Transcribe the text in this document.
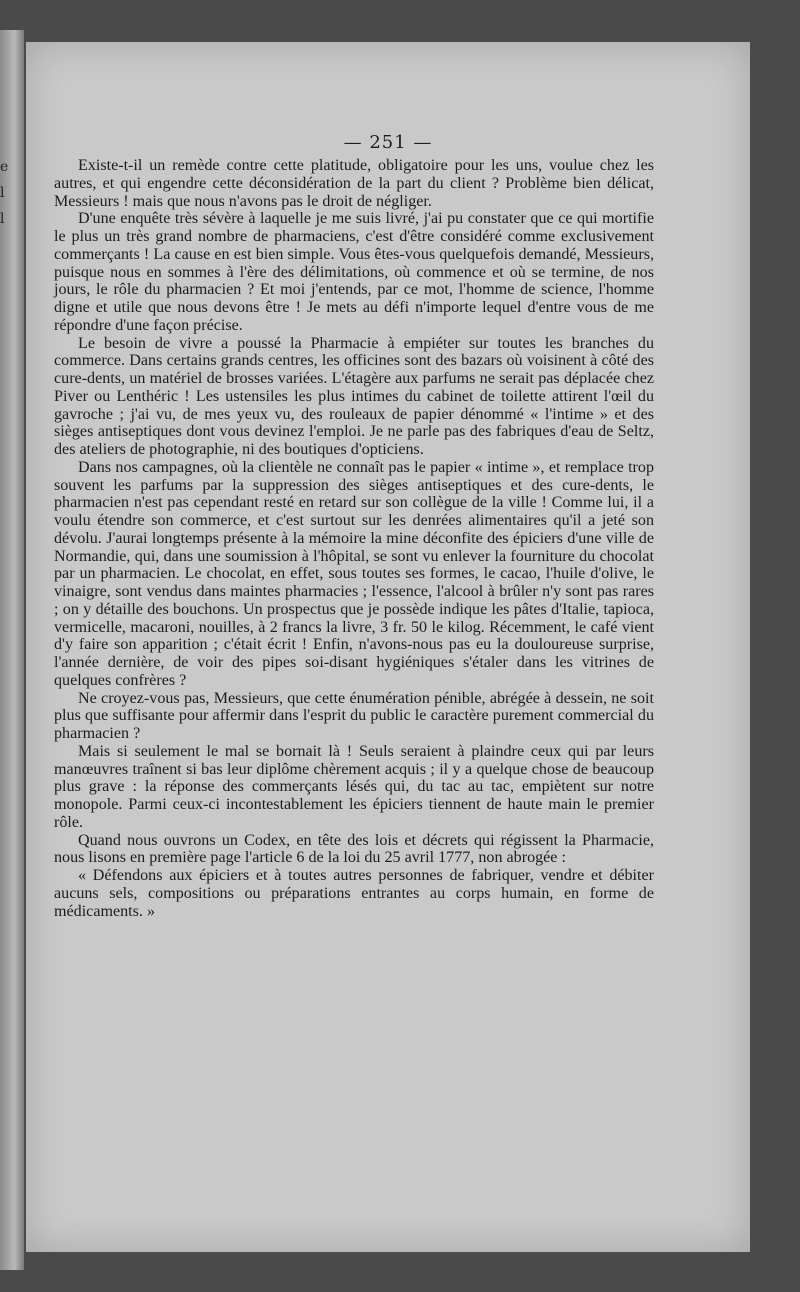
e
l
l
— 251 —

Existe-t-il un remède contre cette platitude, obligatoire pour les uns, voulue chez les autres, et qui engendre cette déconsidération de la part du client ? Problème bien délicat, Messieurs ! mais que nous n'avons pas le droit de négliger.

D'une enquête très sévère à laquelle je me suis livré, j'ai pu constater que ce qui mortifie le plus un très grand nombre de pharmaciens, c'est d'être considéré comme exclusivement commerçants ! La cause en est bien simple. Vous êtes-vous quelquefois demandé, Messieurs, puisque nous en sommes à l'ère des délimitations, où commence et où se termine, de nos jours, le rôle du pharmacien ? Et moi j'entends, par ce mot, l'homme de science, l'homme digne et utile que nous devons être ! Je mets au défi n'importe lequel d'entre vous de me répondre d'une façon précise.

Le besoin de vivre a poussé la Pharmacie à empiéter sur toutes les branches du commerce. Dans certains grands centres, les officines sont des bazars où voisinent à côté des cure-dents, un matériel de brosses variées. L'étagère aux parfums ne serait pas déplacée chez Piver ou Lenthéric ! Les ustensiles les plus intimes du cabinet de toilette attirent l'œil du gavroche ; j'ai vu, de mes yeux vu, des rouleaux de papier dénommé « l'intime » et des sièges antiseptiques dont vous devinez l'emploi. Je ne parle pas des fabriques d'eau de Seltz, des ateliers de photographie, ni des boutiques d'opticiens.

Dans nos campagnes, où la clientèle ne connaît pas le papier « intime », et remplace trop souvent les parfums par la suppression des sièges antiseptiques et des cure-dents, le pharmacien n'est pas cependant resté en retard sur son collègue de la ville ! Comme lui, il a voulu étendre son commerce, et c'est surtout sur les denrées alimentaires qu'il a jeté son dévolu. J'aurai longtemps présente à la mémoire la mine déconfite des épiciers d'une ville de Normandie, qui, dans une soumission à l'hôpital, se sont vu enlever la fourniture du chocolat par un pharmacien. Le chocolat, en effet, sous toutes ses formes, le cacao, l'huile d'olive, le vinaigre, sont vendus dans maintes pharmacies ; l'essence, l'alcool à brûler n'y sont pas rares ; on y détaille des bouchons. Un prospectus que je possède indique les pâtes d'Italie, tapioca, vermicelle, macaroni, nouilles, à 2 francs la livre, 3 fr. 50 le kilog. Récemment, le café vient d'y faire son apparition ; c'était écrit ! Enfin, n'avons-nous pas eu la douloureuse surprise, l'année dernière, de voir des pipes soi-disant hygiéniques s'étaler dans les vitrines de quelques confrères ?

Ne croyez-vous pas, Messieurs, que cette énumération pénible, abrégée à dessein, ne soit plus que suffisante pour affermir dans l'esprit du public le caractère purement commercial du pharmacien ?

Mais si seulement le mal se bornait là ! Seuls seraient à plaindre ceux qui par leurs manœuvres traînent si bas leur diplôme chèrement acquis ; il y a quelque chose de beaucoup plus grave : la réponse des commerçants lésés qui, du tac au tac, empiètent sur notre monopole. Parmi ceux-ci incontestablement les épiciers tiennent de haute main le premier rôle.

Quand nous ouvrons un Codex, en tête des lois et décrets qui régissent la Pharmacie, nous lisons en première page l'article 6 de la loi du 25 avril 1777, non abrogée :

« Défendons aux épiciers et à toutes autres personnes de fabriquer, vendre et débiter aucuns sels, compositions ou préparations entrantes au corps humain, en forme de médicaments. »
